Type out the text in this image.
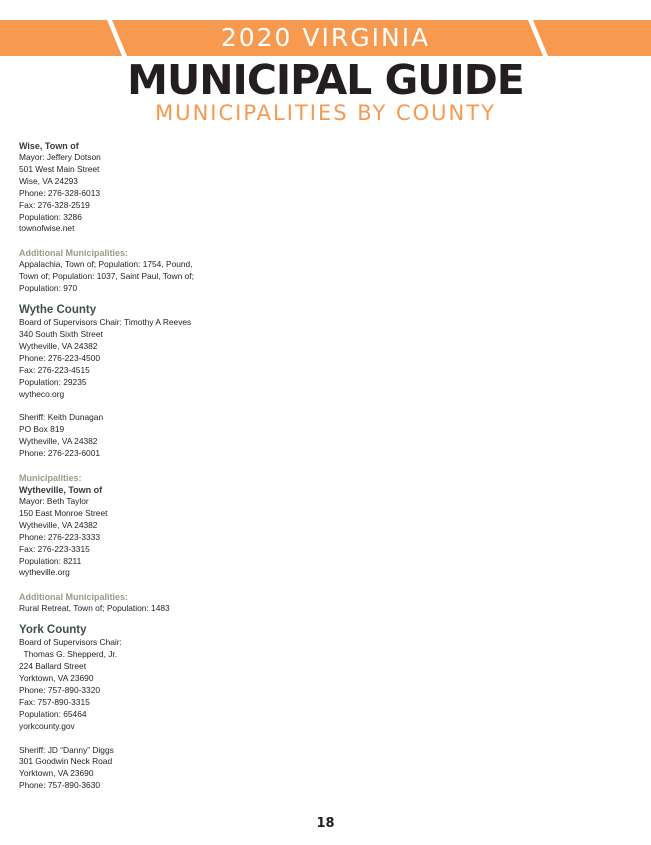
2020 VIRGINIA
MUNICIPAL GUIDE
MUNICIPALITIES BY COUNTY
Wise, Town of
Mayor: Jeffery Dotson
501 West Main Street
Wise, VA 24293
Phone: 276-328-6013
Fax: 276-328-2519
Population: 3286
townofwise.net
Additional Municipalities:
Appalachia, Town of; Population: 1754, Pound,
Town of; Population: 1037, Saint Paul, Town of;
Population: 970
Wythe County
Board of Supervisors Chair: Timothy A Reeves
340 South Sixth Street
Wytheville, VA 24382
Phone: 276-223-4500
Fax: 276-223-4515
Population: 29235
wytheco.org
Sheriff: Keith Dunagan
PO Box 819
Wytheville, VA 24382
Phone: 276-223-6001
Municipalities:
Wytheville, Town of
Mayor: Beth Taylor
150 East Monroe Street
Wytheville, VA 24382
Phone: 276-223-3333
Fax: 276-223-3315
Population: 8211
wytheville.org
Additional Municipalities:
Rural Retreat, Town of; Population: 1483
York County
Board of Supervisors Chair:
Thomas G. Shepperd, Jr.
224 Ballard Street
Yorktown, VA 23690
Phone: 757-890-3320
Fax: 757-890-3315
Population: 65464
yorkcounty.gov
Sheriff: JD “Danny” Diggs
301 Goodwin Neck Road
Yorktown, VA 23690
Phone: 757-890-3630
18
